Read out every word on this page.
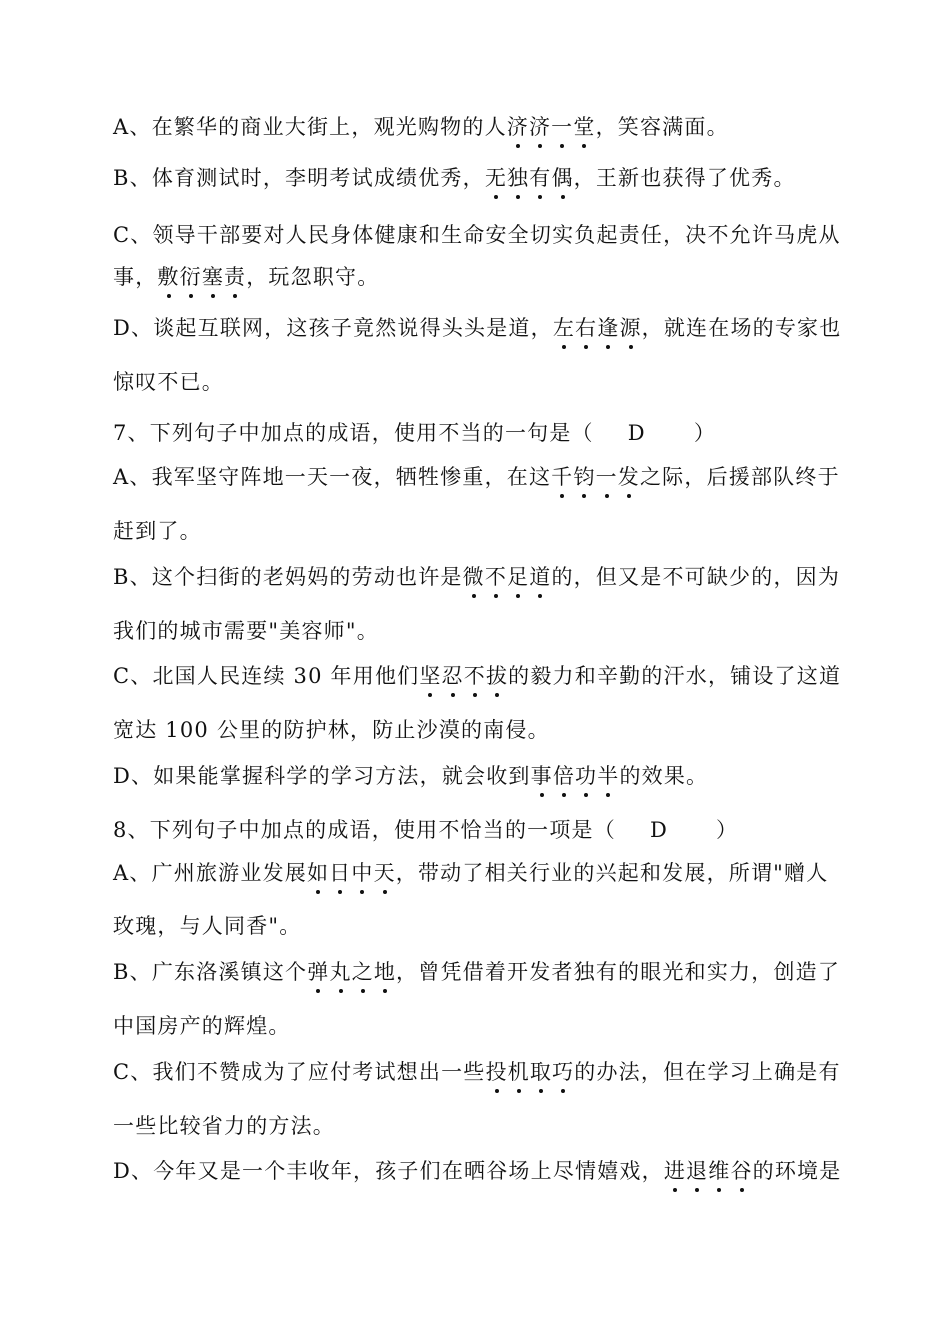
A、在繁华的商业大街上，观光购物的人济济一堂，笑容满面。
B、体育测试时，李明考试成绩优秀，无独有偶，王新也获得了优秀。
C、领导干部要对人民身体健康和生命安全切实负起责任，决不允许马虎从
事，敷衍塞责，玩忽职守。
D、谈起互联网，这孩子竟然说得头头是道，左右逢源，就连在场的专家也
惊叹不已。
7、下列句子中加点的成语，使用不当的一句是（ D ）
A、我军坚守阵地一天一夜，牺牲惨重，在这千钧一发之际，后援部队终于
赶到了。
B、这个扫街的老妈妈的劳动也许是微不足道的，但又是不可缺少的，因为
我们的城市需要"美容师"。
C、北国人民连续 30 年用他们坚忍不拔的毅力和辛勤的汗水，铺设了这道
宽达 100 公里的防护林，防止沙漠的南侵。
D、如果能掌握科学的学习方法，就会收到事倍功半的效果。
8、下列句子中加点的成语，使用不恰当的一项是（ D ）
A、广州旅游业发展如日中天，带动了相关行业的兴起和发展，所谓"赠人
玫瑰，与人同香"。
B、广东洛溪镇这个弹丸之地，曾凭借着开发者独有的眼光和实力，创造了
中国房产的辉煌。
C、我们不赞成为了应付考试想出一些投机取巧的办法，但在学习上确是有
一些比较省力的方法。
D、今年又是一个丰收年，孩子们在晒谷场上尽情嬉戏，进退维谷的环境是
